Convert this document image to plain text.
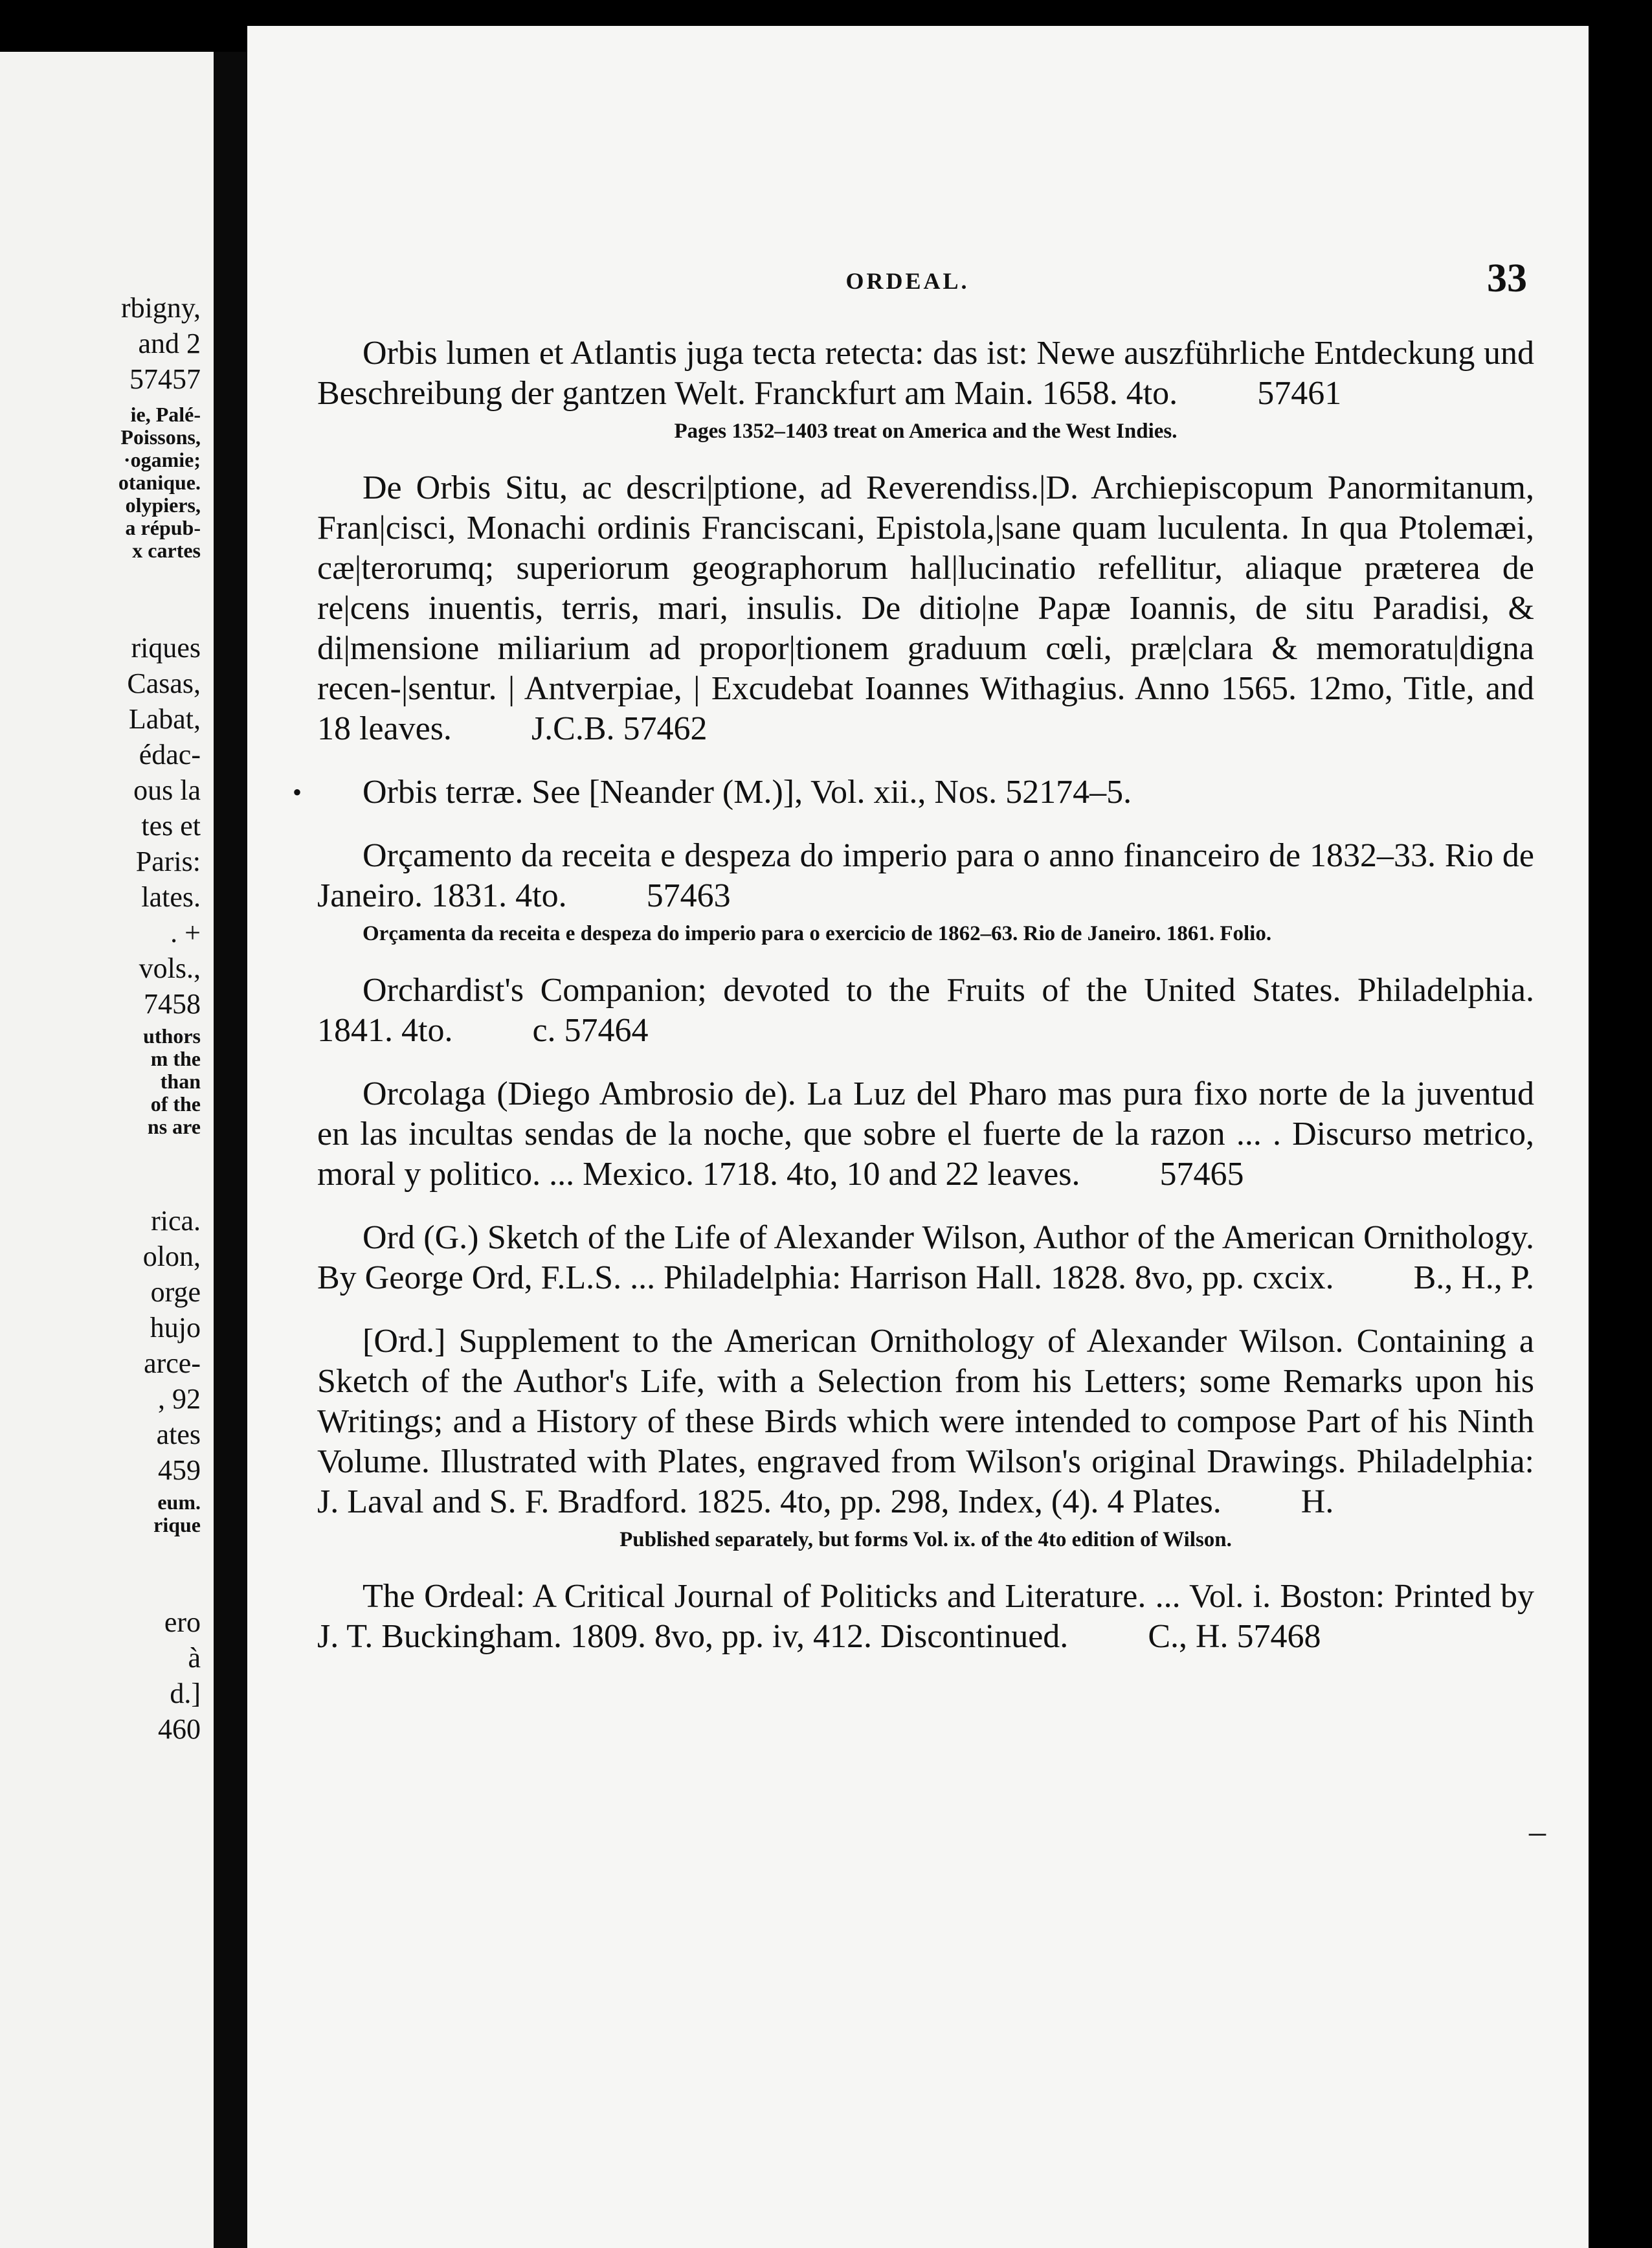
rbigny,
and 2
57457
ie, Palé-
Poissons,
·ogamie;
otanique.
olypiers,
a répub-
x cartes
riques
Casas,
Labat,
édac-
ous la
tes et
Paris:
lates.
. +
vols.,
7458
uthors
m the
than
of the
ns are
rica.
olon,
orge
hujo
arce-
, 92
ates
459
eum.
rique
ero
à
d.]
460
ORDEAL.	33
•
–

Orbis lumen et Atlantis juga tecta retecta: das ist: Newe auszführliche Entdeckung und Beschreibung der gantzen Welt. Franckfurt am Main. 1658. 4to. 57461

Pages 1352–1403 treat on America and the West Indies.

De Orbis Situ, ac descri|ptione, ad Reverendiss.|D. Archiepiscopum Panormitanum, Fran|cisci, Monachi ordinis Franciscani, Epistola,|sane quam luculenta. In qua Ptolemæi, cæ|terorumq; superiorum geographorum hal|lucinatio refellitur, aliaque præterea de re|cens inuentis, terris, mari, insulis. De ditio|ne Papæ Ioannis, de situ Paradisi, & di|mensione miliarium ad propor|tionem graduum cœli, præ|clara & memoratu|digna recen-|sentur. | Antverpiae, | Excudebat Ioannes Withagius. Anno 1565. 12mo, Title, and 18 leaves. J.C.B. 57462

Orbis terræ. See [Neander (M.)], Vol. xii., Nos. 52174–5.

Orçamento da receita e despeza do imperio para o anno financeiro de 1832–33. Rio de Janeiro. 1831. 4to. 57463

Orçamenta da receita e despeza do imperio para o exercicio de 1862–63. Rio de Janeiro. 1861. Folio.

Orchardist's Companion; devoted to the Fruits of the United States. Philadelphia. 1841. 4to. c. 57464

Orcolaga (Diego Ambrosio de). La Luz del Pharo mas pura fixo norte de la juventud en las incultas sendas de la noche, que sobre el fuerte de la razon ... . Discurso metrico, moral y politico. ... Mexico. 1718. 4to, 10 and 22 leaves. 57465

Ord (G.) Sketch of the Life of Alexander Wilson, Author of the American Ornithology. By George Ord, F.L.S. ... Philadelphia: Harrison Hall. 1828. 8vo, pp. cxcix. B., H., P.

[Ord.] Supplement to the American Ornithology of Alexander Wilson. Containing a Sketch of the Author's Life, with a Selection from his Letters; some Remarks upon his Writings; and a History of these Birds which were intended to compose Part of his Ninth Volume. Illustrated with Plates, engraved from Wilson's original Drawings. Philadelphia: J. Laval and S. F. Bradford. 1825. 4to, pp. 298, Index, (4). 4 Plates. H.

Published separately, but forms Vol. ix. of the 4to edition of Wilson.

The Ordeal: A Critical Journal of Politicks and Literature. ... Vol. i. Boston: Printed by J. T. Buckingham. 1809. 8vo, pp. iv, 412. Discontinued. C., H. 57468
